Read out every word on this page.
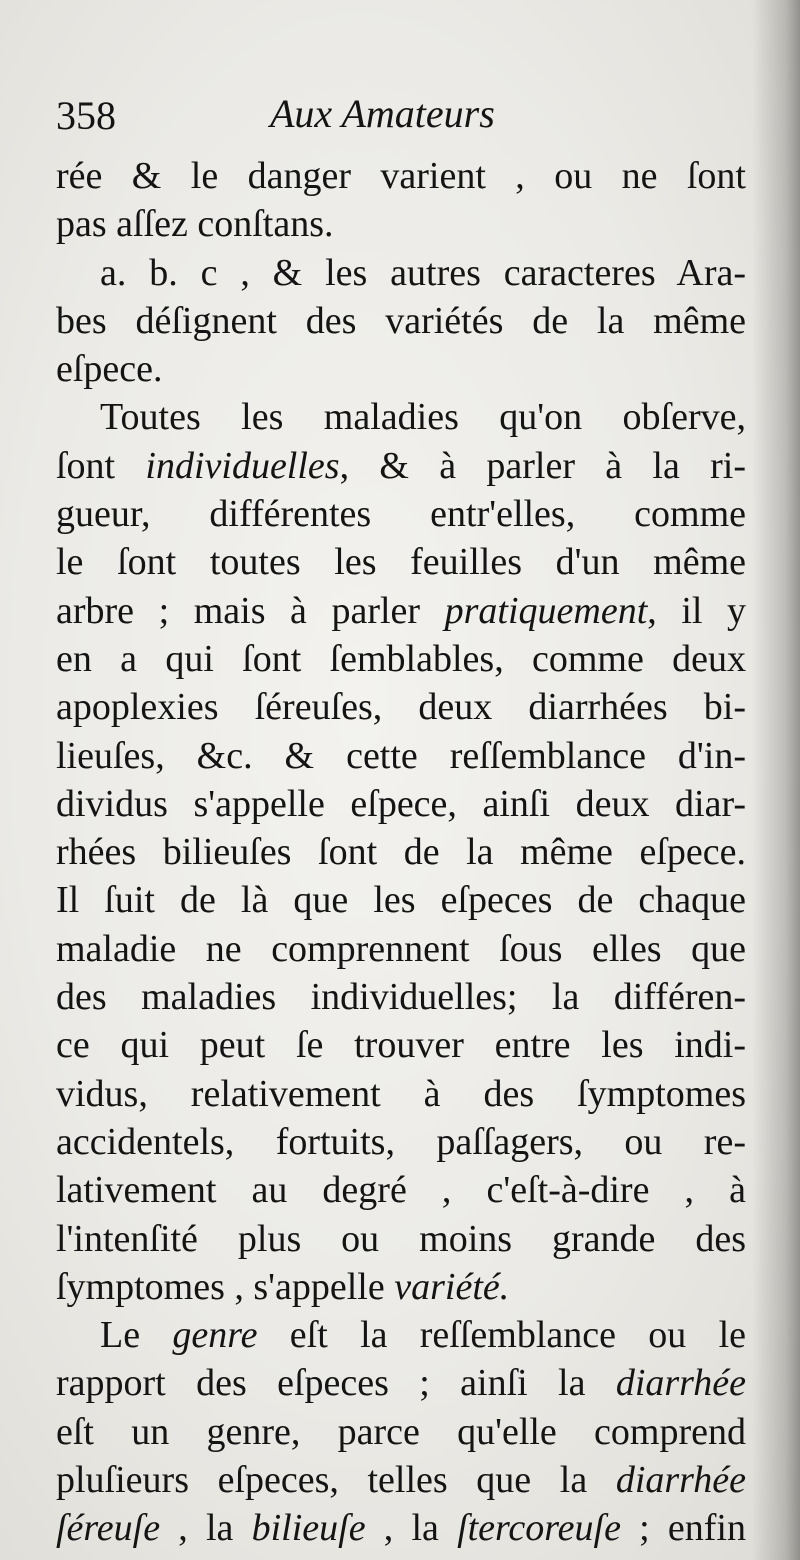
358	Aux Amateurs
rée & le danger varient , ou ne ſont
pas aſſez conſtans.
a. b. c , & les autres caracteres Ara-
bes déſignent des variétés de la même
eſpece.
Toutes les maladies qu'on obſerve,
ſont individuelles, & à parler à la ri-
gueur, différentes entr'elles, comme
le ſont toutes les feuilles d'un même
arbre ; mais à parler pratiquement, il y
en a qui ſont ſemblables, comme deux
apoplexies ſéreuſes, deux diarrhées bi-
lieuſes, &c. & cette reſſemblance d'in-
dividus s'appelle eſpece, ainſi deux diar-
rhées bilieuſes ſont de la même eſpece.
Il ſuit de là que les eſpeces de chaque
maladie ne comprennent ſous elles que
des maladies individuelles; la différen-
ce qui peut ſe trouver entre les indi-
vidus, relativement à des ſymptomes
accidentels, fortuits, paſſagers, ou re-
lativement au degré , c'eſt-à-dire , à
l'intenſité plus ou moins grande des
ſymptomes , s'appelle variété.
Le genre eſt la reſſemblance ou le
rapport des eſpeces ; ainſi la diarrhée
eſt un genre, parce qu'elle comprend
pluſieurs eſpeces, telles que la diarrhée
ſéreuſe , la bilieuſe , la ſtercoreuſe ; enfin
